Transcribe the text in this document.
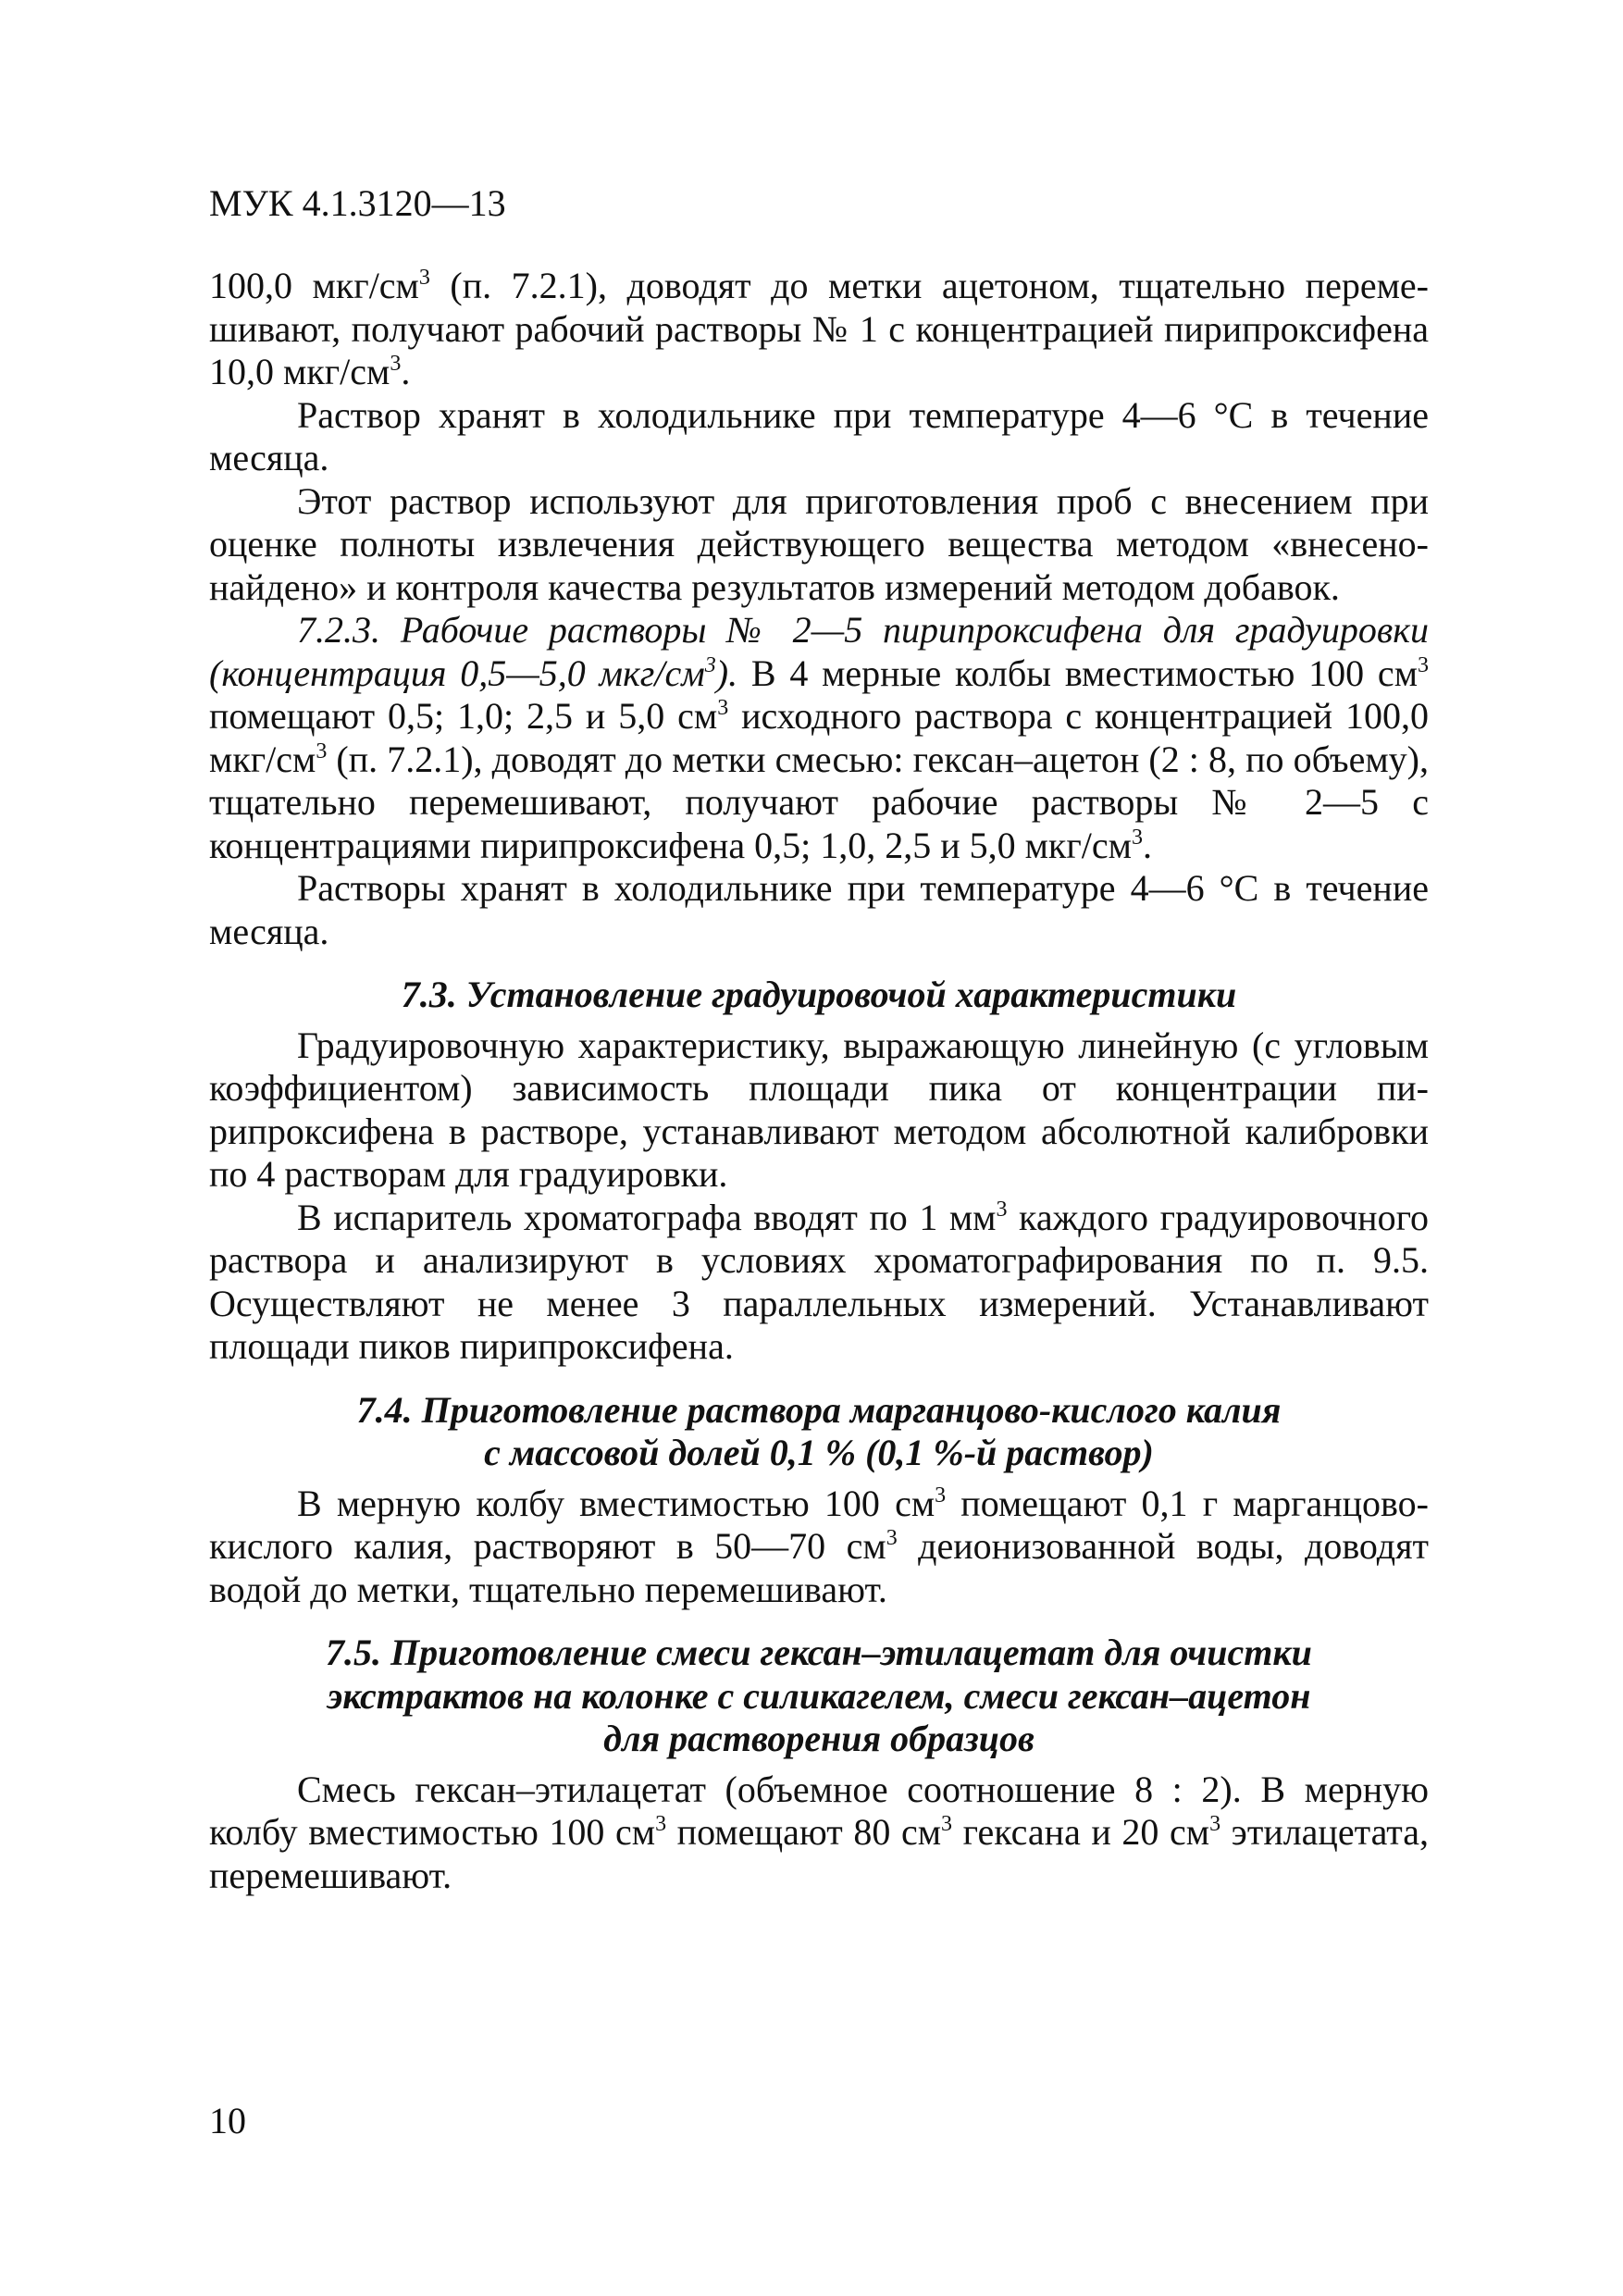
МУК 4.1.3120—13

100,0 мкг/$см^3$ (п. 7.2.1), доводят до метки ацетоном, тщательно перемешивают, получают рабочий растворы № 1 с концентрацией пирипроксифена 10,0 мкг/$см^3$.

Раствор хранят в холодильнике при температуре 4—6 °С в течение месяца.

Этот раствор используют для приготовления проб с внесением при оценке полноты извлечения действующего вещества методом «внесено-найдено» и контроля качества результатов измерений методом добавок.

7.2.3. Рабочие растворы № 2—5 пирипроксифена для градуировки (концентрация 0,5—5,0 мкг/$см^3$). В 4 мерные колбы вместимостью 100 $см^3$ помещают 0,5; 1,0; 2,5 и 5,0 $см^3$ исходного раствора с концентрацией 100,0 мкг/$см^3$ (п. 7.2.1), доводят до метки смесью: гексан–ацетон (2 : 8, по объему), тщательно перемешивают, получают рабочие растворы № 2—5 с концентрациями пирипроксифена 0,5; 1,0, 2,5 и 5,0 мкг/$см^3$.

Растворы хранят в холодильнике при температуре 4—6 °С в течение месяца.

7.3. Установление градуировочой характеристики

Градуировочную характеристику, выражающую линейную (с угловым коэффициентом) зависимость площади пика от концентрации пирипроксифена в растворе, устанавливают методом абсолютной калибровки по 4 растворам для градуировки.

В испаритель хроматографа вводят по 1 $мм^3$ каждого градуировочного раствора и анализируют в условиях хроматографирования по п. 9.5. Осуществляют не менее 3 параллельных измерений. Устанавливают площади пиков пирипроксифена.

7.4. Приготовление раствора марганцово-кислого калия
с массовой долей 0,1 % (0,1 %-й раствор)

В мерную колбу вместимостью 100 $см^3$ помещают 0,1 г марганцово-кислого калия, растворяют в 50—70 $см^3$ деионизованной воды, доводят водой до метки, тщательно перемешивают.

7.5. Приготовление смеси гексан–этилацетат для очистки
экстрактов на колонке с силикагелем, смеси гексан–ацетон
для растворения образцов

Смесь гексан–этилацетат (объемное соотношение 8 : 2). В мерную колбу вместимостью 100 $см^3$ помещают 80 $см^3$ гексана и 20 $см^3$ этилацетата, перемешивают.

10
